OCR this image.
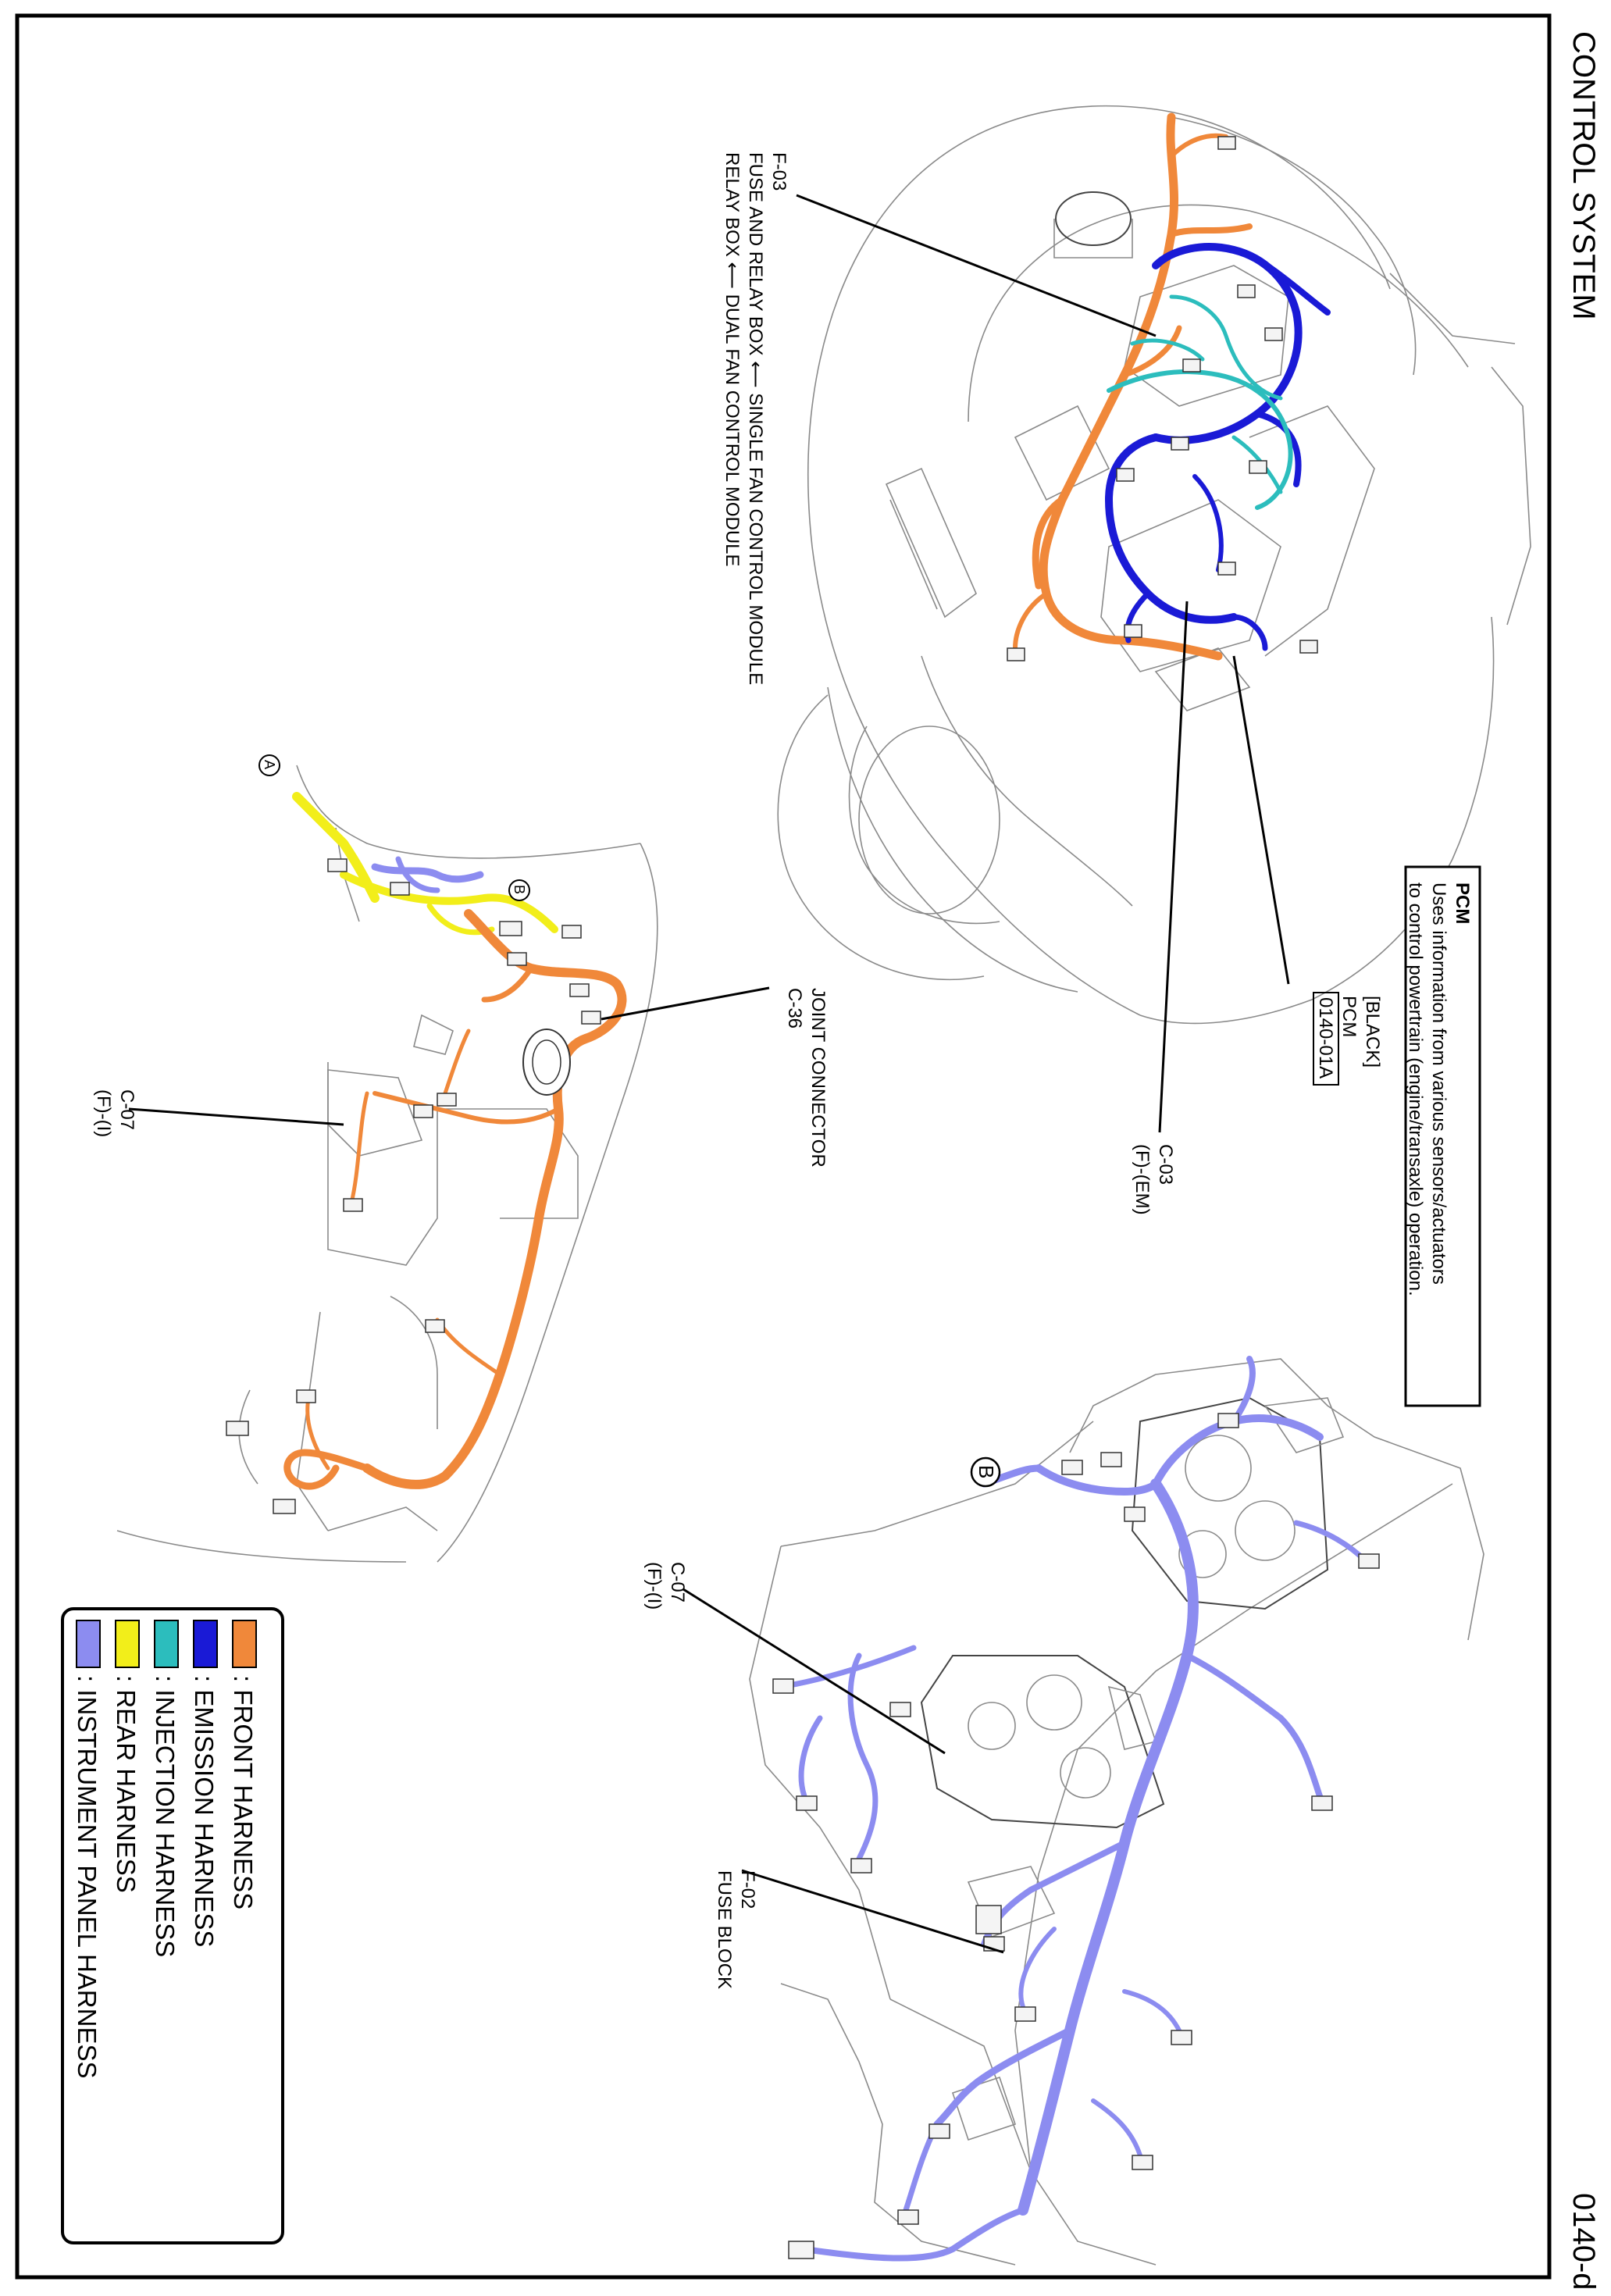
CONTROL SYSTEM
0140-d
PCM
Uses information from various sensors/actuators
to control powertrain (engine/transaxle) operation.
[BLACK]
PCM
0140-01A
C-03
(F)-(EM)
F-03
FUSE AND RELAY BOX ⟵ SINGLE FAN CONTROL MODULE
RELAY BOX ⟵ DUAL FAN CONTROL MODULE
A
B
JOINT CONNECTOR
C-36
C-07
(F)-(I)
B
C-07
(F)-(I)
F-02
FUSE BLOCK
: FRONT HARNESS
: EMISSION HARNESS
: INJECTION HARNESS
: REAR HARNESS
: INSTRUMENT PANEL HARNESS
